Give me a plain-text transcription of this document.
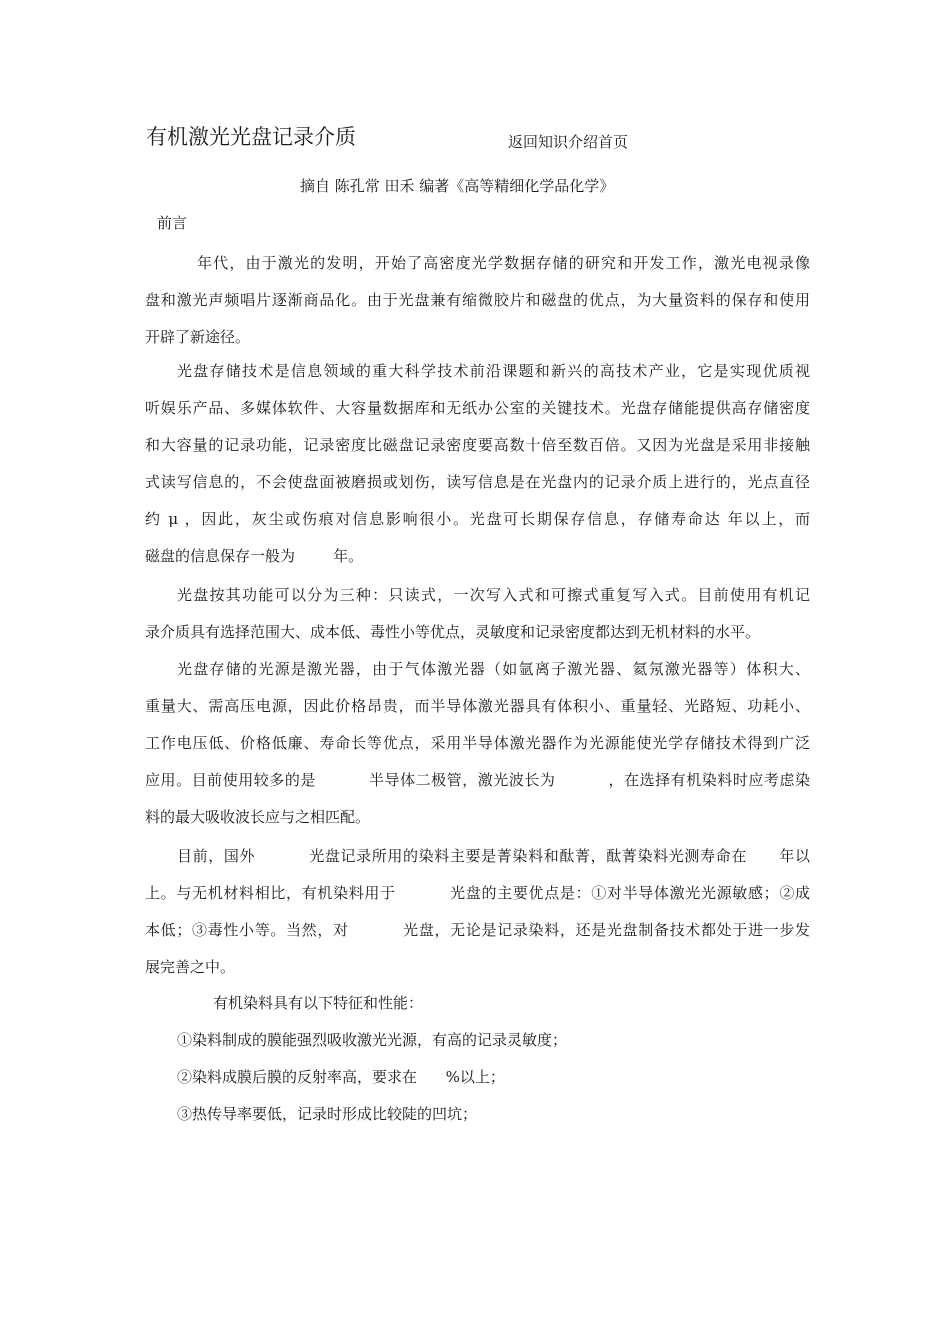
有机激光光盘记录介质	返回知识介绍首页
摘自 陈孔常 田禾 编著《高等精细化学品化学》
前言
年代，由于激光的发明，开始了高密度光学数据存储的研究和开发工作，激光电视录像
盘和激光声频唱片逐渐商品化。由于光盘兼有缩微胶片和磁盘的优点，为大量资料的保存和使用
开辟了新途径。
光盘存储技术是信息领域的重大科学技术前沿课题和新兴的高技术产业，它是实现优质视
听娱乐产品、多媒体软件、大容量数据库和无纸办公室的关键技术。光盘存储能提供高存储密度
和大容量的记录功能，记录密度比磁盘记录密度要高数十倍至数百倍。又因为光盘是采用非接触
式读写信息的，不会使盘面被磨损或划伤，读写信息是在光盘内的记录介质上进行的，光点直径
约 μ ，因此，灰尘或伤痕对信息影响很小。光盘可长期保存信息，存储寿命达 年以上，而
磁盘的信息保存一般为        年。
光盘按其功能可以分为三种：只读式，一次写入式和可擦式重复写入式。目前使用有机记
录介质具有选择范围大、成本低、毒性小等优点，灵敏度和记录密度都达到无机材料的水平。
光盘存储的光源是激光器，由于气体激光器（如氩离子激光器、氦氖激光器等）体积大、
重量大、需高压电源，因此价格昂贵，而半导体激光器具有体积小、重量轻、光路短、功耗小、
工作电压低、价格低廉、寿命长等优点，采用半导体激光器作为光源能使光学存储技术得到广泛
应用。目前使用较多的是          半导体二极管，激光波长为          ，在选择有机染料时应考虑染
料的最大吸收波长应与之相匹配。
目前，国外          光盘记录所用的染料主要是菁染料和酞菁，酞菁染料光测寿命在      年以
上。与无机材料相比，有机染料用于          光盘的主要优点是：①对半导体激光光源敏感；②成
本低；③毒性小等。当然，对          光盘，无论是记录染料，还是光盘制备技术都处于进一步发
展完善之中。
有机染料具有以下特征和性能：
①染料制成的膜能强烈吸收激光光源，有高的记录灵敏度；
②染料成膜后膜的反射率高，要求在      %以上；
③热传导率要低，记录时形成比较陡的凹坑；
